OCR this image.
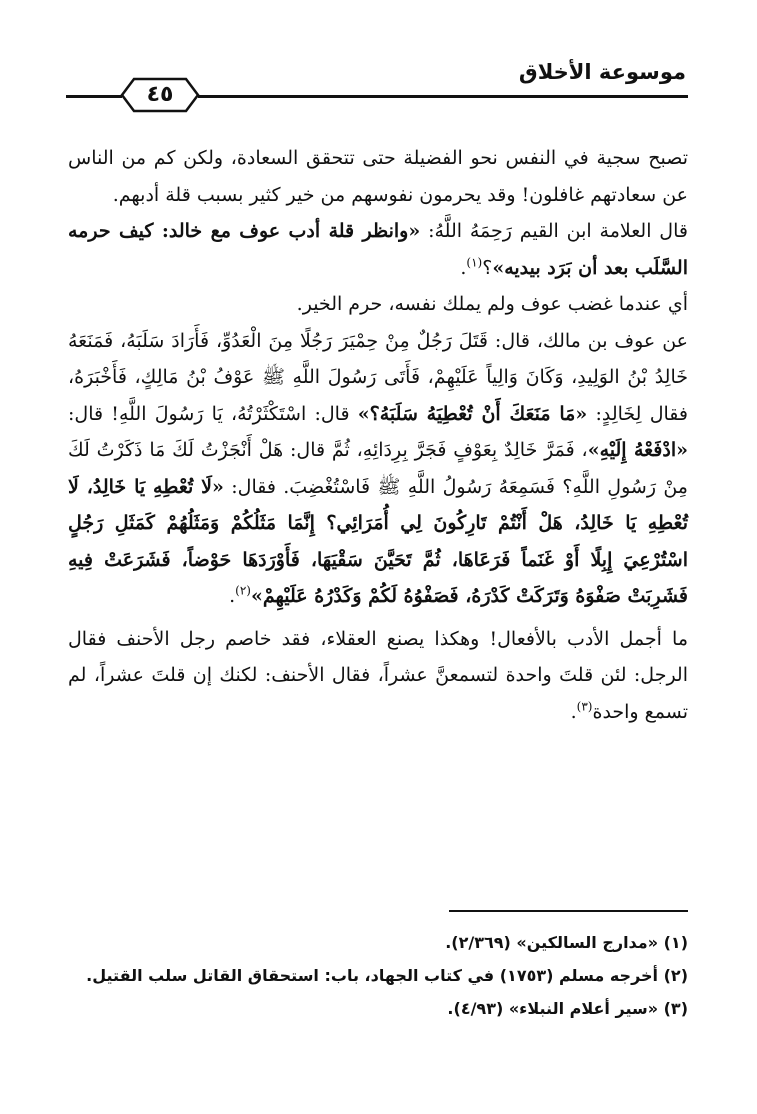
موسوعة الأخلاق
٤٥

تصبح سجية في النفس نحو الفضيلة حتى تتحقق السعادة، ولكن كم من الناس عن سعادتهم غافلون! وقد يحرمون نفوسهم من خير كثير بسبب قلة أدبهم.

قال العلامة ابن القيم رَحِمَهُ اللَّهُ: «وانظر قلة أدب عوف مع خالد: كيف حرمه السَّلَب بعد أن بَرَد بيديه»؟$^{(١)}$.

أي عندما غضب عوف ولم يملك نفسه، حرم الخير.

عن عوف بن مالك، قال: قَتَلَ رَجُلٌ مِنْ حِمْيَرَ رَجُلًا مِنَ الْعَدُوِّ، فَأَرَادَ سَلَبَهُ، فَمَنَعَهُ خَالِدُ بْنُ الوَلِيدِ، وَكَانَ وَالِياً عَلَيْهِمْ، فَأَتَى رَسُولَ اللَّهِ ﷺ عَوْفُ بْنُ مَالِكٍ، فَأَخْبَرَهُ، فقال لِخَالِدٍ: «مَا مَنَعَكَ أَنْ تُعْطِيَهُ سَلَبَهُ؟» قال: اسْتَكْثَرْتُهُ، يَا رَسُولَ اللَّهِ! قال: «ادْفَعْهُ إِلَيْهِ»، فَمَرَّ خَالِدٌ بِعَوْفٍ فَجَرَّ بِرِدَائِهِ، ثُمَّ قال: هَلْ أَنْجَزْتُ لَكَ مَا ذَكَرْتُ لَكَ مِنْ رَسُولِ اللَّهِ؟ فَسَمِعَهُ رَسُولُ اللَّهِ ﷺ فَاسْتُغْضِبَ. فقال: «لَا تُعْطِهِ يَا خَالِدُ، لَا تُعْطِهِ يَا خَالِدُ، هَلْ أَنْتُمْ تَارِكُونَ لِي أُمَرَائِي؟ إِنَّمَا مَثَلُكُمْ وَمَثَلُهُمْ كَمَثَلِ رَجُلٍ اسْتُرْعِيَ إِبِلًا أَوْ غَنَماً فَرَعَاهَا، ثُمَّ تَحَيَّنَ سَقْيَهَا، فَأَوْرَدَهَا حَوْضاً، فَشَرَعَتْ فِيهِ فَشَرِبَتْ صَفْوَهُ وَتَرَكَتْ كَدْرَهُ، فَصَفْوُهُ لَكُمْ وَكَدْرُهُ عَلَيْهِمْ»$^{(٢)}$.

ما أجمل الأدب بالأفعال! وهكذا يصنع العقلاء، فقد خاصم رجل الأحنف فقال الرجل: لئن قلتَ واحدة لتسمعنَّ عشراً، فقال الأحنف: لكنك إن قلتَ عشراً، لم تسمع واحدة$^{(٣)}$.

(١) «مدارج السالكين» (٢/٣٦٩).

(٢) أخرجه مسلم (١٧٥٣) في كتاب الجهاد، باب: استحقاق القاتل سلب القتيل.

(٣) «سير أعلام النبلاء» (٤/٩٣).
